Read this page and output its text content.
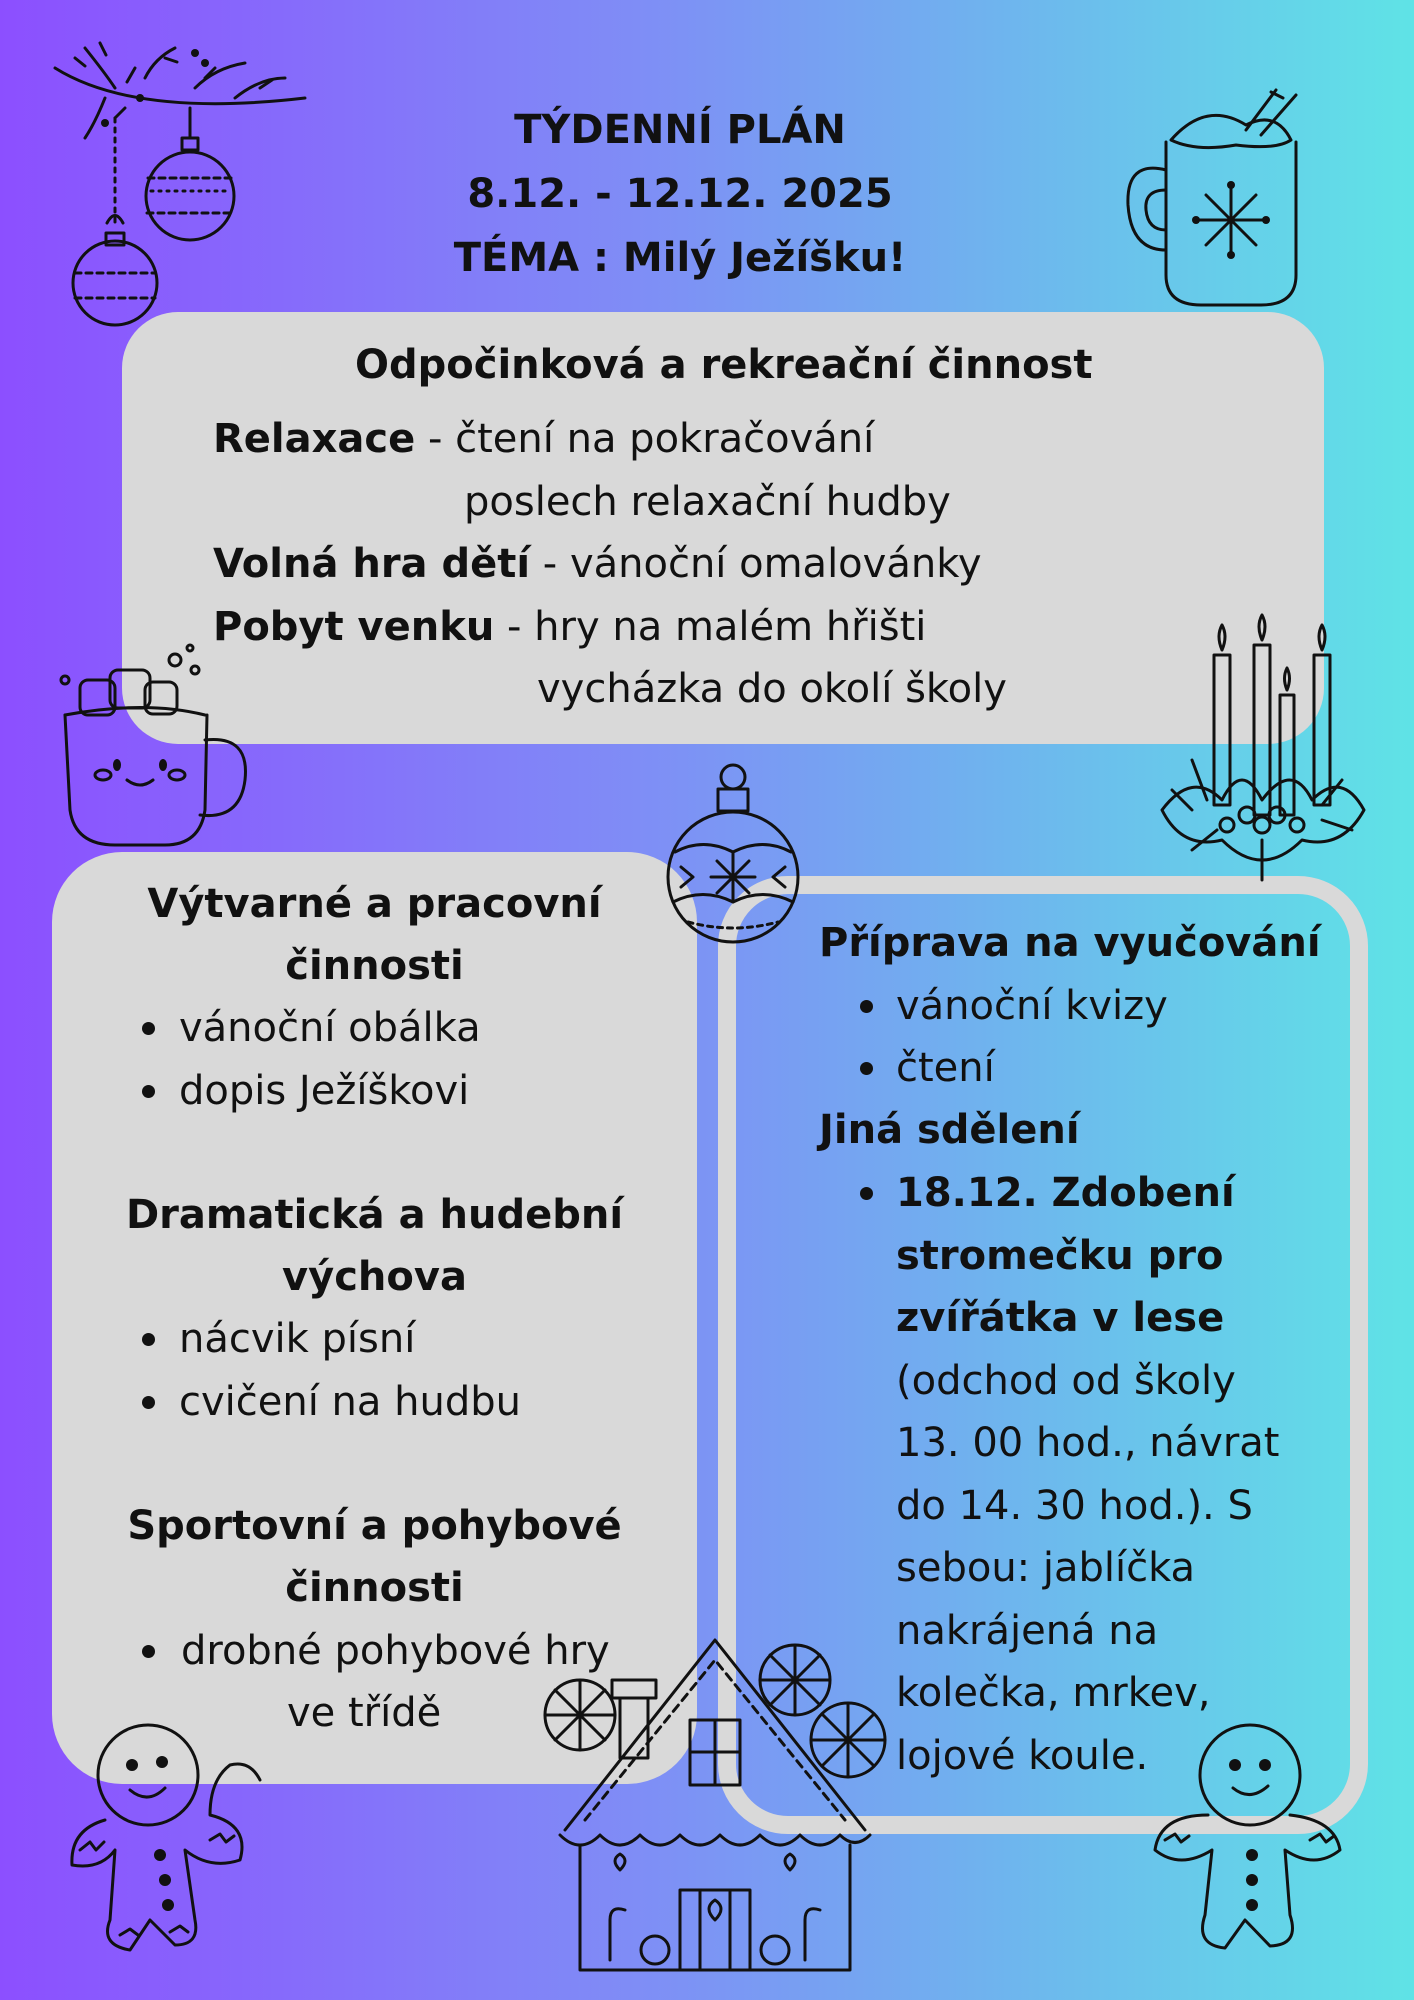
TÝDENNÍ PLÁN
8.12. - 12.12. 2025
TÉMA : Milý Ježíšku!
Odpočinková a rekreační činnost
Relaxace - čtení na pokračování
poslech relaxační hudby
Volná hra dětí - vánoční omalovánky
Pobyt venku - hry na malém hřišti
vycházka do okolí školy
Výtvarné a pracovní
činnosti
vánoční obálka
dopis Ježíškovi
Dramatická a hudební
výchova
nácvik písní
cvičení na hudbu
Sportovní a pohybové
činnosti
drobné pohybové hry
ve třídě
Příprava na vyučování
vánoční kvizy
čtení
Jiná sdělení
18.12. Zdobení
stromečku pro
zvířátka v lese
(odchod od školy
13. 00 hod., návrat
do 14. 30 hod.). S
sebou: jablíčka
nakrájená na
kolečka, mrkev,
lojové koule.
